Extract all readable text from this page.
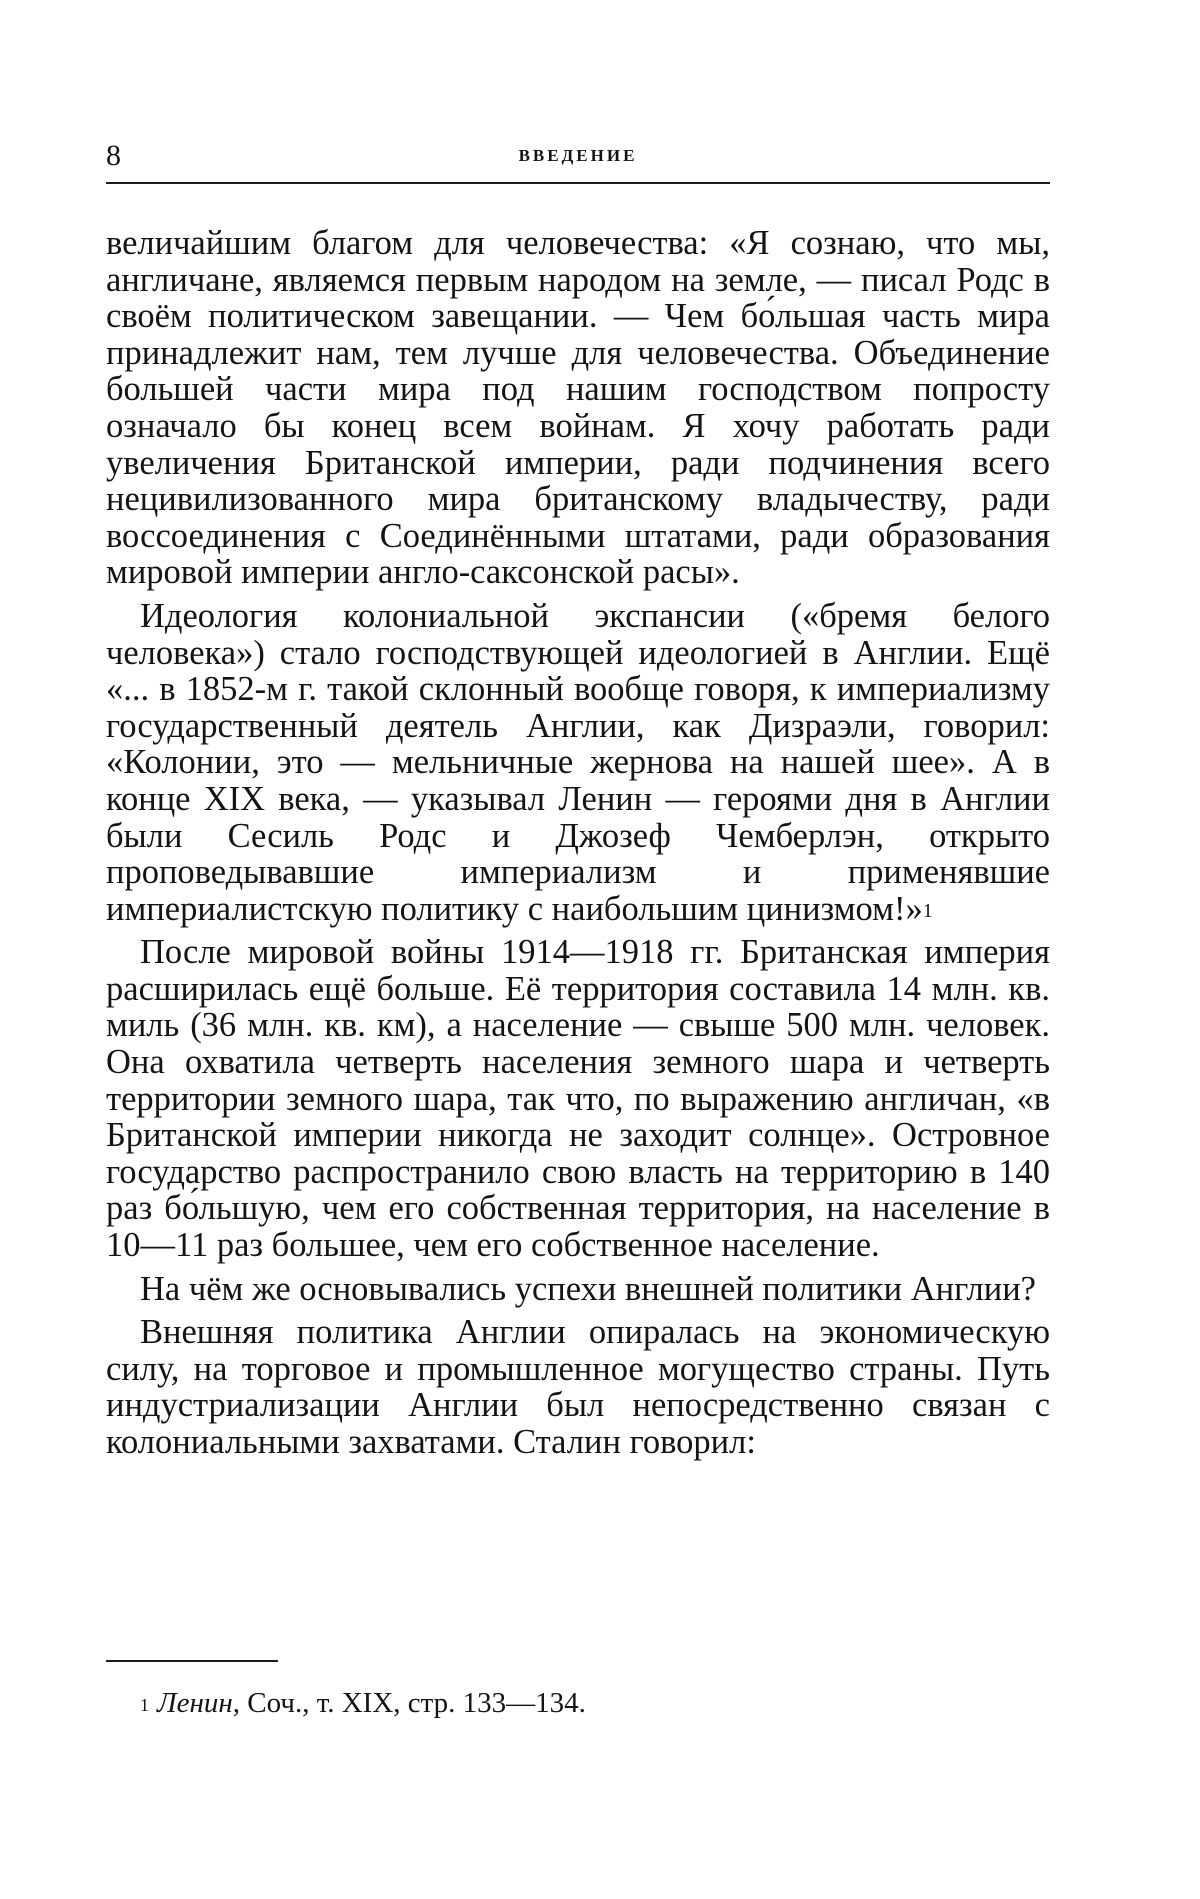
8	ВВЕДЕНИЕ

величайшим благом для человечества: «Я сознаю, что мы, англичане, являемся первым народом на земле, — писал Родс в своём политическом завещании. — Чем бо́льшая часть мира принадлежит нам, тем лучше для человечества. Объединение большей части мира под нашим господством попросту означало бы конец всем войнам. Я хочу работать ради увеличения Британской империи, ради подчинения всего нецивилизованного мира британскому владычеству, ради воссоединения с Соединёнными штатами, ради образования мировой империи англо-саксонской расы».

Идеология колониальной экспансии («бремя белого человека») стало господствующей идеологией в Англии. Ещё «... в 1852-м г. такой склонный вообще говоря, к империализму государственный деятель Англии, как Дизраэли, говорил: «Колонии, это — мельничные жернова на нашей шее». А в конце XIX века, — указывал Ленин — героями дня в Англии были Сесиль Родс и Джозеф Чемберлэн, открыто проповедывавшие империализм и применявшие империалистскую политику с наибольшим цинизмом!»$^1$

После мировой войны 1914—1918 гг. Британская империя расширилась ещё больше. Её территория составила 14 млн. кв. миль (36 млн. кв. км), а население — свыше 500 млн. человек. Она охватила четверть населения земного шара и четверть территории земного шара, так что, по выражению англичан, «в Британской империи никогда не заходит солнце». Островное государство распространило свою власть на территорию в 140 раз бо́льшую, чем его собственная территория, на население в 10—11 раз большее, чем его собственное население.

На чём же основывались успехи внешней политики Англии?

Внешняя политика Англии опиралась на экономическую силу, на торговое и промышленное могущество страны. Путь индустриализации Англии был непосредственно связан с колониальными захватами. Сталин говорил:

$^1$ Ленин, Соч., т. XIX, стр. 133—134.
